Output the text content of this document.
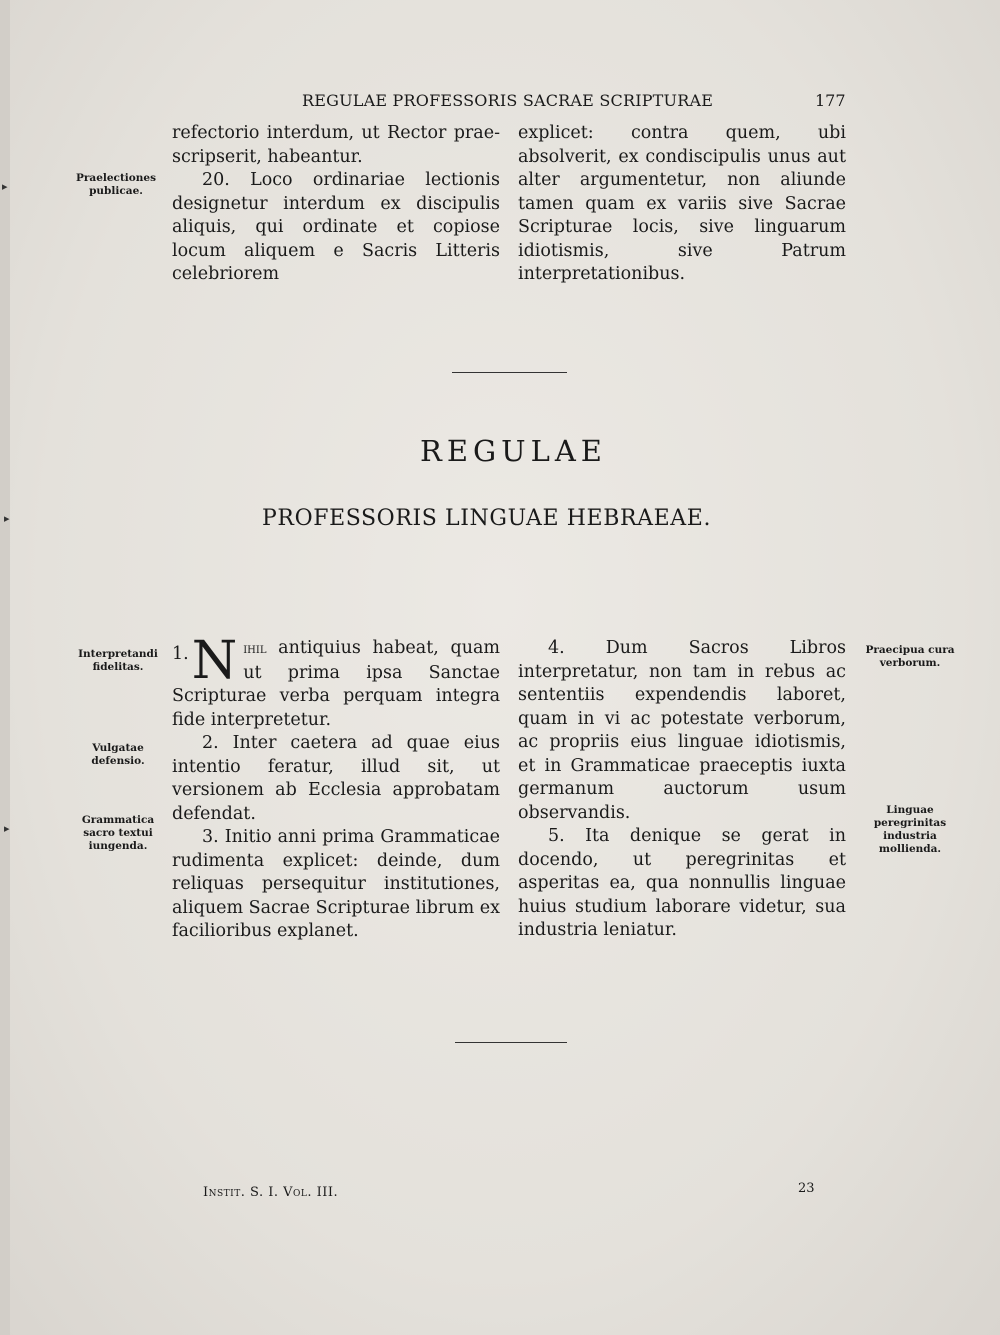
REGULAE PROFESSORIS SACRAE SCRIPTURAE	177
Praelectiones publicae.

refectorio interdum, ut Rector prae-scripserit, habeantur.

20. Loco ordinariae lectionis designetur interdum ex discipulis aliquis, qui ordinate et copiose locum aliquem e Sacris Litteris celebriorem

explicet: contra quem, ubi absolverit, ex condiscipulis unus aut alter argumentetur, non aliunde tamen quam ex variis sive Sacrae Scripturae locis, sive linguarum idiotismis, sive Patrum interpretationibus.

REGULAE
PROFESSORIS LINGUAE HEBRAEAE.
Interpretandi fidelitas.
Vulgatae defensio.
Grammatica sacro textui iungenda.
Praecipua cura verborum.
Linguae peregrinitas industria mollienda.

1. N ihil antiquius habeat, quam ut prima ipsa Sanctae Scripturae verba perquam integra fide interpretetur.

2. Inter caetera ad quae eius intentio feratur, illud sit, ut versionem ab Ecclesia approbatam defendat.

3. Initio anni prima Grammaticae rudimenta explicet: deinde, dum reliquas persequitur institutiones, aliquem Sacrae Scripturae librum ex facilioribus explanet.

4. Dum Sacros Libros interpretatur, non tam in rebus ac sententiis expendendis laboret, quam in vi ac potestate verborum, ac propriis eius linguae idiotismis, et in Grammaticae praeceptis iuxta germanum auctorum usum observandis.

5. Ita denique se gerat in docendo, ut peregrinitas et asperitas ea, qua nonnullis linguae huius studium laborare videtur, sua industria leniatur.

Instit. S. I. Vol. III.	23
▸
▸
▸
